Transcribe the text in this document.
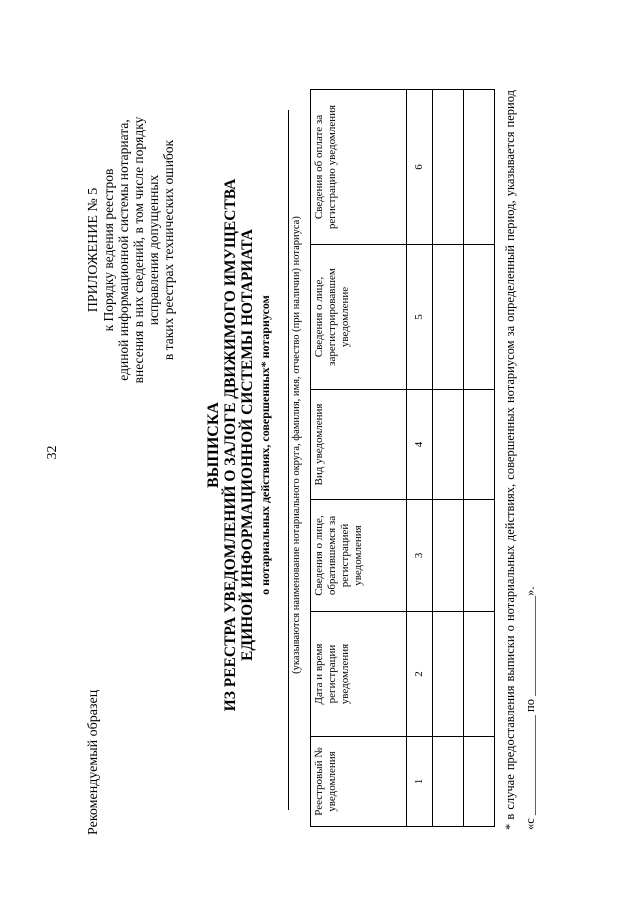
32
Рекомендуемый образец
ПРИЛОЖЕНИЕ № 5 к Порядку ведения реестров единой информационной системы нотариата, внесения в них сведений, в том числе порядку исправления допущенных в таких реестрах технических ошибок
ВЫПИСКА ИЗ РЕЕСТРА УВЕДОМЛЕНИЙ О ЗАЛОГЕ ДВИЖИМОГО ИМУЩЕСТВА ЕДИНОЙ ИНФОРМАЦИОННОЙ СИСТЕМЫ НОТАРИАТА о нотариальных действиях, совершенных* нотариусом (указываются наименование нотариального округа, фамилия, имя, отчество (при наличии) нотариуса)
Реестровый № уведомления	Дата и время регистрации уведомления	Сведения о лице, обратившемся за регистрацией уведомления	Вид уведомления	Сведения о лице, зарегистрировавшем уведомление	Сведения об оплате за регистрацию уведомления
1	2	3	4	5	6

						* в случае предоставления выписки о нотариальных действиях, совершенных нотариусом за определенный период, указывается период «с ________________ по ________________».
